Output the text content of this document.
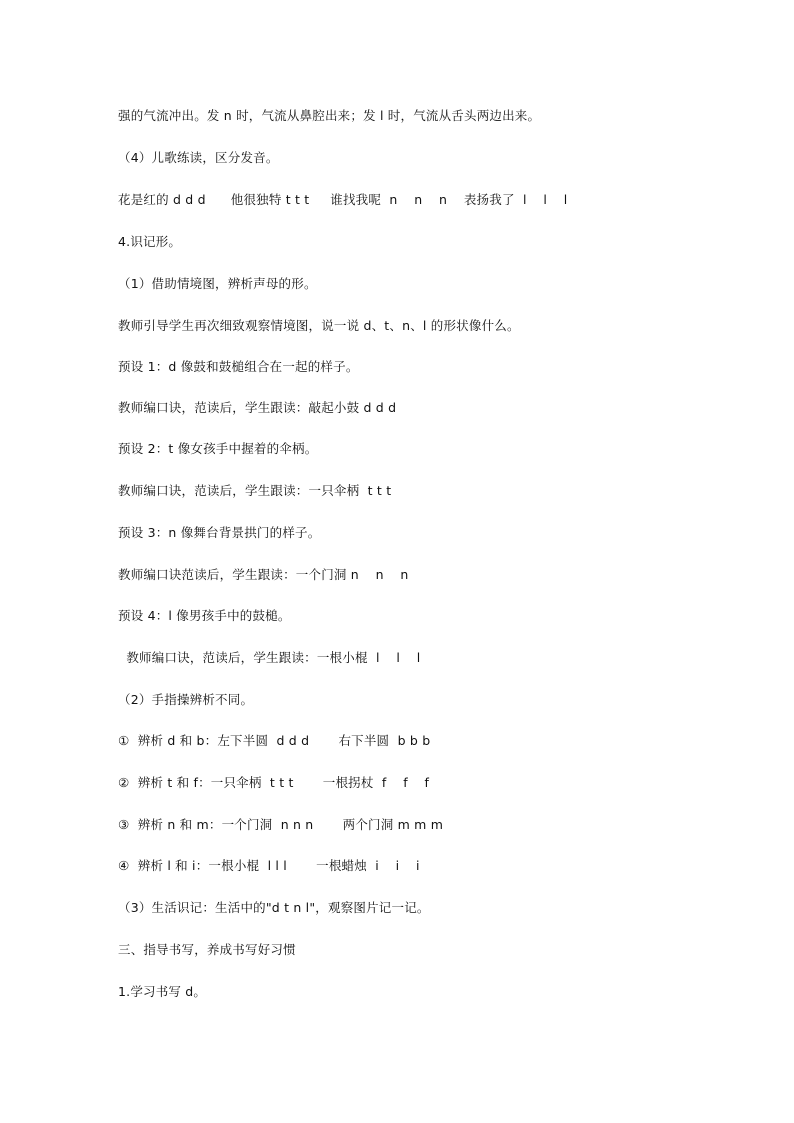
强的气流冲出。发 n 时，气流从鼻腔出来；发 l 时，气流从舌头两边出来。
（4）儿歌练读，区分发音。
花是红的 d d d      他很独特 t t t     谁找我呢  n    n    n    表扬我了  l    l    l
4.识记形。
（1）借助情境图，辨析声母的形。
教师引导学生再次细致观察情境图，说一说 d、t、n、l 的形状像什么。
预设 1：d 像鼓和鼓槌组合在一起的样子。
教师编口诀，范读后，学生跟读：敲起小鼓 d d d
预设 2：t 像女孩手中握着的伞柄。
教师编口诀，范读后，学生跟读：一只伞柄  t t t
预设 3：n 像舞台背景拱门的样子。
教师编口诀范读后，学生跟读：一个门洞 n    n    n
预设 4：l 像男孩手中的鼓槌。
教师编口诀，范读后，学生跟读：一根小棍  l    l    l
（2）手指操辨析不同。
①  辨析 d 和 b：左下半圆  d d d       右下半圆  b b b
②  辨析 t 和 f：一只伞柄  t t t       一根拐杖  f    f    f
③  辨析 n 和 m：一个门洞  n n n       两个门洞 m m m
④  辨析 l 和 i：一根小棍  l l l       一根蜡烛  i    i    i
（3）生活识记：生活中的"d t n l"，观察图片记一记。
三、指导书写，养成书写好习惯
1.学习书写 d。
